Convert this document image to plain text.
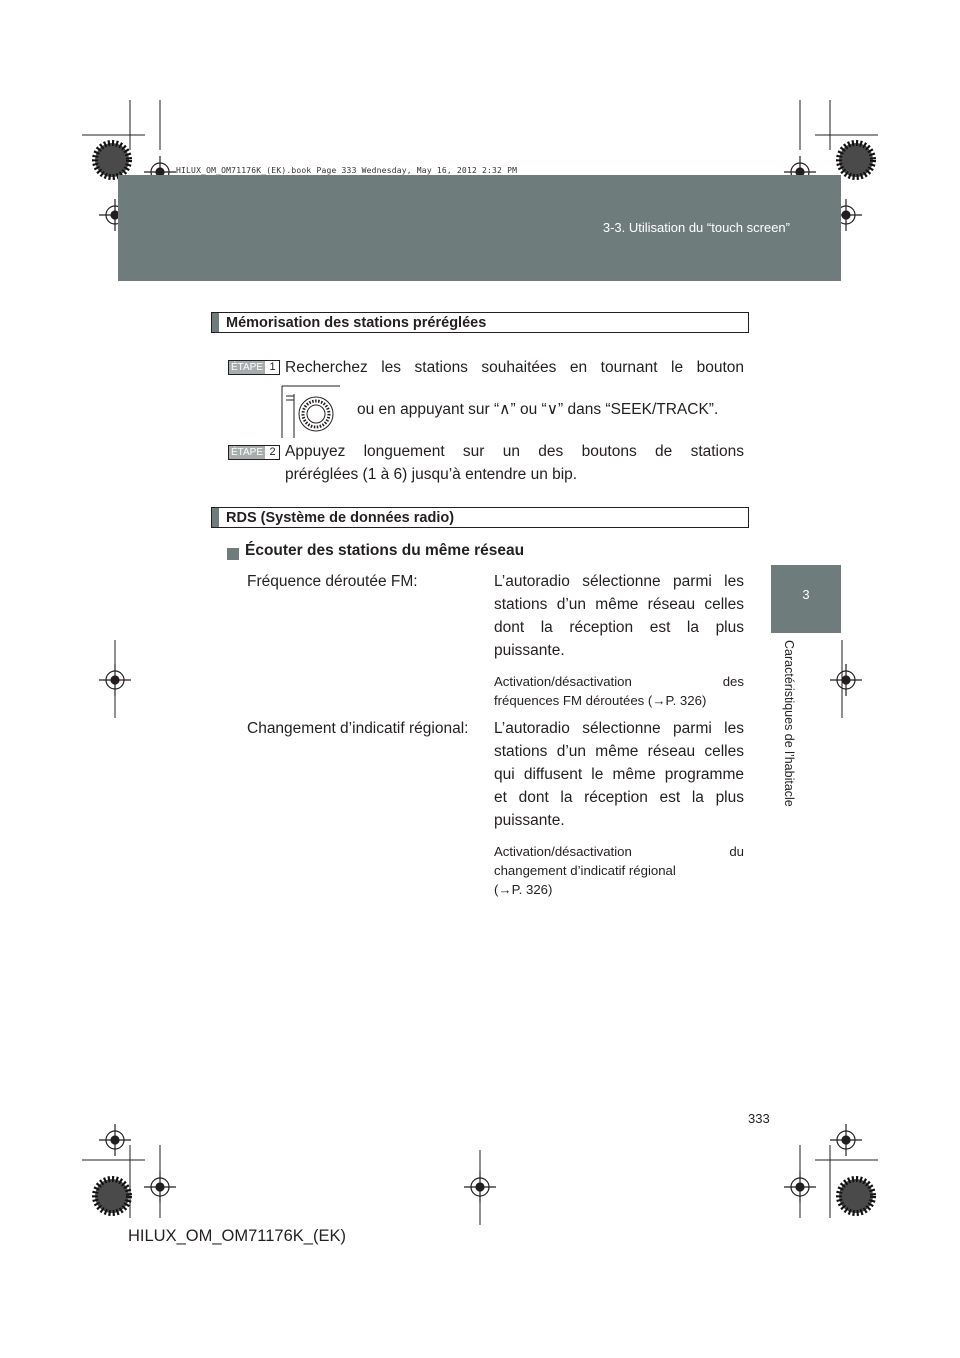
HILUX_OM_OM71176K_(EK).book Page 333 Wednesday, May 16, 2012 2:32 PM
3-3. Utilisation du “touch screen”
3
Caractéristiques de l’habitacle
Mémorisation des stations préréglées
ÉTAPE 1 Recherchez les stations souhaitées en tournant le bouton
ou en appuyant sur “∧” ou “∨” dans “SEEK/TRACK”.
ÉTAPE 2 Appuyez longuement sur un des boutons de stations
préréglées (1 à 6) jusqu’à entendre un bip.
RDS (Système de données radio)
Écouter des stations du même réseau
Fréquence déroutée FM:	L’autoradio sélectionne parmi les
stations d’un même réseau celles
dont la réception est la plus
puissante.
Activation/désactivation des
fréquences FM déroutées (→P. 326)
Changement d’indicatif régional: L’autoradio sélectionne parmi les
stations d’un même réseau celles
qui diffusent le même programme
et dont la réception est la plus
puissante.
Activation/désactivation du
changement d’indicatif régional
(→P. 326)
333
HILUX_OM_OM71176K_(EK)
